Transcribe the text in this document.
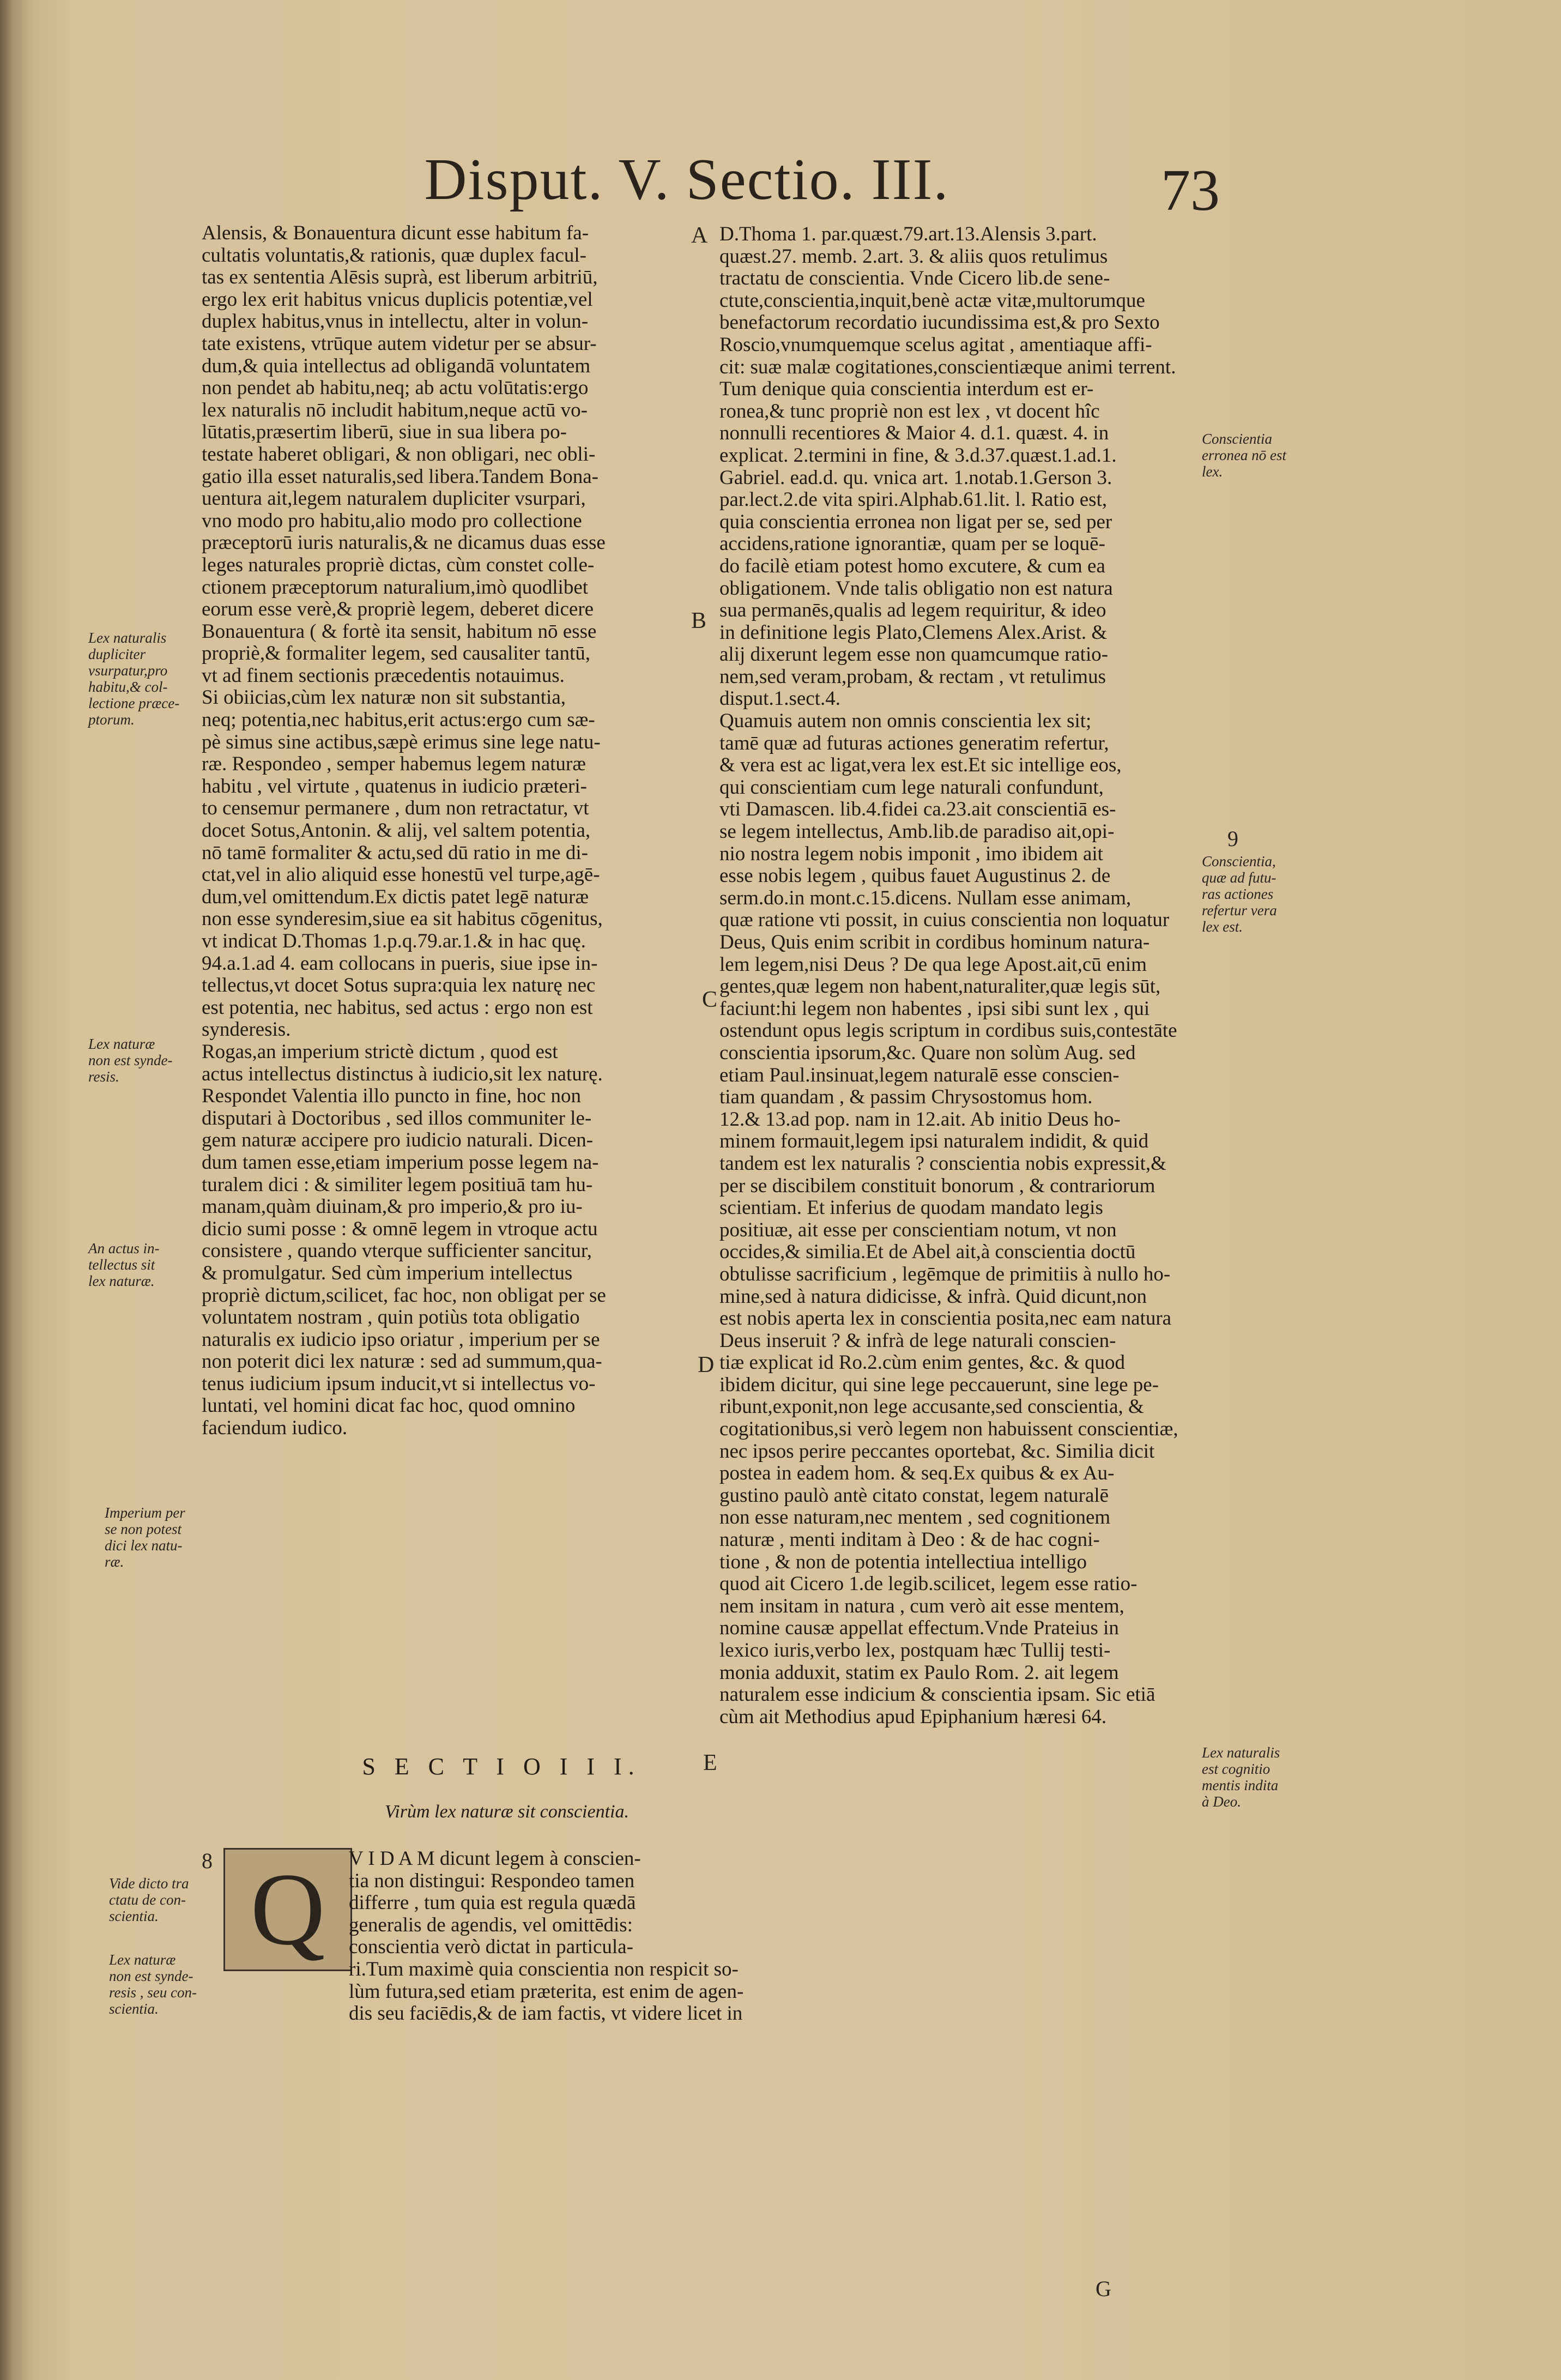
Disput. V. Sectio. III.	73
Alensis, & Bonauentura dicunt esse habitum fa-
cultatis voluntatis,& rationis, quæ duplex facul-
tas ex sententia Alēsis suprà, est liberum arbitriū,
ergo lex erit habitus vnicus duplicis potentiæ,vel
duplex habitus,vnus in intellectu, alter in volun-
tate existens, vtrūque autem videtur per se absur-
dum,& quia intellectus ad obligandā voluntatem
non pendet ab habitu,neq; ab actu volūtatis:ergo
lex naturalis nō includit habitum,neque actū vo-
lūtatis,præsertim liberū, siue in sua libera po-
testate haberet obligari, & non obligari, nec obli-
gatio illa esset naturalis,sed libera.Tandem Bona-
uentura ait,legem naturalem dupliciter vsurpari,
vno modo pro habitu,alio modo pro collectione
præceptorū iuris naturalis,& ne dicamus duas esse
leges naturales propriè dictas, cùm constet colle-
ctionem præceptorum naturalium,imò quodlibet
eorum esse verè,& propriè legem, deberet dicere
Bonauentura ( & fortè ita sensit, habitum nō esse
propriè,& formaliter legem, sed causaliter tantū,
vt ad finem sectionis præcedentis notauimus.
Si obiicias,cùm lex naturæ non sit substantia,
neq; potentia,nec habitus,erit actus:ergo cum sæ-
pè simus sine actibus,sæpè erimus sine lege natu-
ræ. Respondeo , semper habemus legem naturæ
habitu , vel virtute , quatenus in iudicio præteri-
to censemur permanere , dum non retractatur, vt
docet Sotus,Antonin. & alij, vel saltem potentia,
nō tamē formaliter & actu,sed dū ratio in me di-
ctat,vel in alio aliquid esse honestū vel turpe,agē-
dum,vel omittendum.Ex dictis patet legē naturæ
non esse synderesim,siue ea sit habitus cōgenitus,
vt indicat D.Thomas 1.p.q.79.ar.1.& in hac quę.
94.a.1.ad 4. eam collocans in pueris, siue ipse in-
tellectus,vt docet Sotus supra:quia lex naturę nec
est potentia, nec habitus, sed actus : ergo non est
synderesis.
Rogas,an imperium strictè dictum , quod est
actus intellectus distinctus à iudicio,sit lex naturę.
Respondet Valentia illo puncto in fine, hoc non
disputari à Doctoribus , sed illos communiter le-
gem naturæ accipere pro iudicio naturali. Dicen-
dum tamen esse,etiam imperium posse legem na-
turalem dici : & similiter legem positiuā tam hu-
manam,quàm diuinam,& pro imperio,& pro iu-
dicio sumi posse : & omnē legem in vtroque actu
consistere , quando vterque sufficienter sancitur,
& promulgatur. Sed cùm imperium intellectus
propriè dictum,scilicet, fac hoc, non obligat per se
voluntatem nostram , quin potiùs tota obligatio
naturalis ex iudicio ipso oriatur , imperium per se
non poterit dici lex naturæ : sed ad summum,qua-
tenus iudicium ipsum inducit,vt si intellectus vo-
luntati, vel homini dicat fac hoc, quod omnino
faciendum iudico.
S E C T I O I I I.
Virùm lex naturæ sit conscientia.
Q	V I D A M dicunt legem à conscien-
tia non distingui: Respondeo tamen
differre , tum quia est regula quædā
generalis de agendis, vel omittēdis:
conscientia verò dictat in particula-
ri.Tum maximè quia conscientia non respicit so-
lùm futura,sed etiam præterita, est enim de agen-
dis seu faciēdis,& de iam factis, vt videre licet in
D.Thoma 1. par.quæst.79.art.13.Alensis 3.part.
quæst.27. memb. 2.art. 3. & aliis quos retulimus
tractatu de conscientia. Vnde Cicero lib.de sene-
ctute,conscientia,inquit,benè actæ vitæ,multorumque
benefactorum recordatio iucundissima est,& pro Sexto
Roscio,vnumquemque scelus agitat , amentiaque affi-
cit: suæ malæ cogitationes,conscientiæque animi terrent.
Tum denique quia conscientia interdum est er-
ronea,& tunc propriè non est lex , vt docent hîc
nonnulli recentiores & Maior 4. d.1. quæst. 4. in
explicat. 2.termini in fine, & 3.d.37.quæst.1.ad.1.
Gabriel. ead.d. qu. vnica art. 1.notab.1.Gerson 3.
par.lect.2.de vita spiri.Alphab.61.lit. l. Ratio est,
quia conscientia erronea non ligat per se, sed per
accidens,ratione ignorantiæ, quam per se loquē-
do facilè etiam potest homo excutere, & cum ea
obligationem. Vnde talis obligatio non est natura
sua permanēs,qualis ad legem requiritur, & ideo
in definitione legis Plato,Clemens Alex.Arist. &
alij dixerunt legem esse non quamcumque ratio-
nem,sed veram,probam, & rectam , vt retulimus
disput.1.sect.4.
Quamuis autem non omnis conscientia lex sit;
tamē quæ ad futuras actiones generatim refertur,
& vera est ac ligat,vera lex est.Et sic intellige eos,
qui conscientiam cum lege naturali confundunt,
vti Damascen. lib.4.fidei ca.23.ait conscientiā es-
se legem intellectus, Amb.lib.de paradiso ait,opi-
nio nostra legem nobis imponit , imo ibidem ait
esse nobis legem , quibus fauet Augustinus 2. de
serm.do.in mont.c.15.dicens. Nullam esse animam,
quæ ratione vti possit, in cuius conscientia non loquatur
Deus, Quis enim scribit in cordibus hominum natura-
lem legem,nisi Deus ? De qua lege Apost.ait,cū enim
gentes,quæ legem non habent,naturaliter,quæ legis sūt,
faciunt:hi legem non habentes , ipsi sibi sunt lex , qui
ostendunt opus legis scriptum in cordibus suis,contestāte
conscientia ipsorum,&c. Quare non solùm Aug. sed
etiam Paul.insinuat,legem naturalē esse conscien-
tiam quandam , & passim Chrysostomus hom.
12.& 13.ad pop. nam in 12.ait. Ab initio Deus ho-
minem formauit,legem ipsi naturalem indidit, & quid
tandem est lex naturalis ? conscientia nobis expressit,&
per se discibilem constituit bonorum , & contrariorum
scientiam. Et inferius de quodam mandato legis
positiuæ, ait esse per conscientiam notum, vt non
occides,& similia.Et de Abel ait,à conscientia doctū
obtulisse sacrificium , legēmque de primitiis à nullo ho-
mine,sed à natura didicisse, & infrà. Quid dicunt,non
est nobis aperta lex in conscientia posita,nec eam natura
Deus inseruit ? & infrà de lege naturali conscien-
tiæ explicat id Ro.2.cùm enim gentes, &c. & quod
ibidem dicitur, qui sine lege peccauerunt, sine lege pe-
ribunt,exponit,non lege accusante,sed conscientia, &
cogitationibus,si verò legem non habuissent conscientiæ,
nec ipsos perire peccantes oportebat, &c. Similia dicit
postea in eadem hom. & seq.Ex quibus & ex Au-
gustino paulò antè citato constat, legem naturalē
non esse naturam,nec mentem , sed cognitionem
naturæ , menti inditam à Deo : & de hac cogni-
tione , & non de potentia intellectiua intelligo
quod ait Cicero 1.de legib.scilicet, legem esse ratio-
nem insitam in natura , cum verò ait esse mentem,
nomine causæ appellat effectum.Vnde Prateius in
lexico iuris,verbo lex, postquam hæc Tullij testi-
monia adduxit, statim ex Paulo Rom. 2. ait legem
naturalem esse indicium & conscientia ipsam. Sic etiā
cùm ait Methodius apud Epiphanium hæresi 64.
A
B
C
D
E
Lex naturalis
dupliciter
vsurpatur,pro
habitu,& col-
lectione præce-
ptorum.
Lex naturæ
non est synde-
resis.
An actus in-
tellectus sit
lex naturæ.
Imperium per
se non potest
dici lex natu-
ræ.
Vide dicto tra
ctatu de con-
scientia.
Lex naturæ
non est synde-
resis , seu con-
scientia.
8
9
Conscientia
erronea nō est
lex.
Conscientia,
quæ ad futu-
ras actiones
refertur vera
lex est.
Lex naturalis
est cognitio
mentis indita
à Deo.
G
